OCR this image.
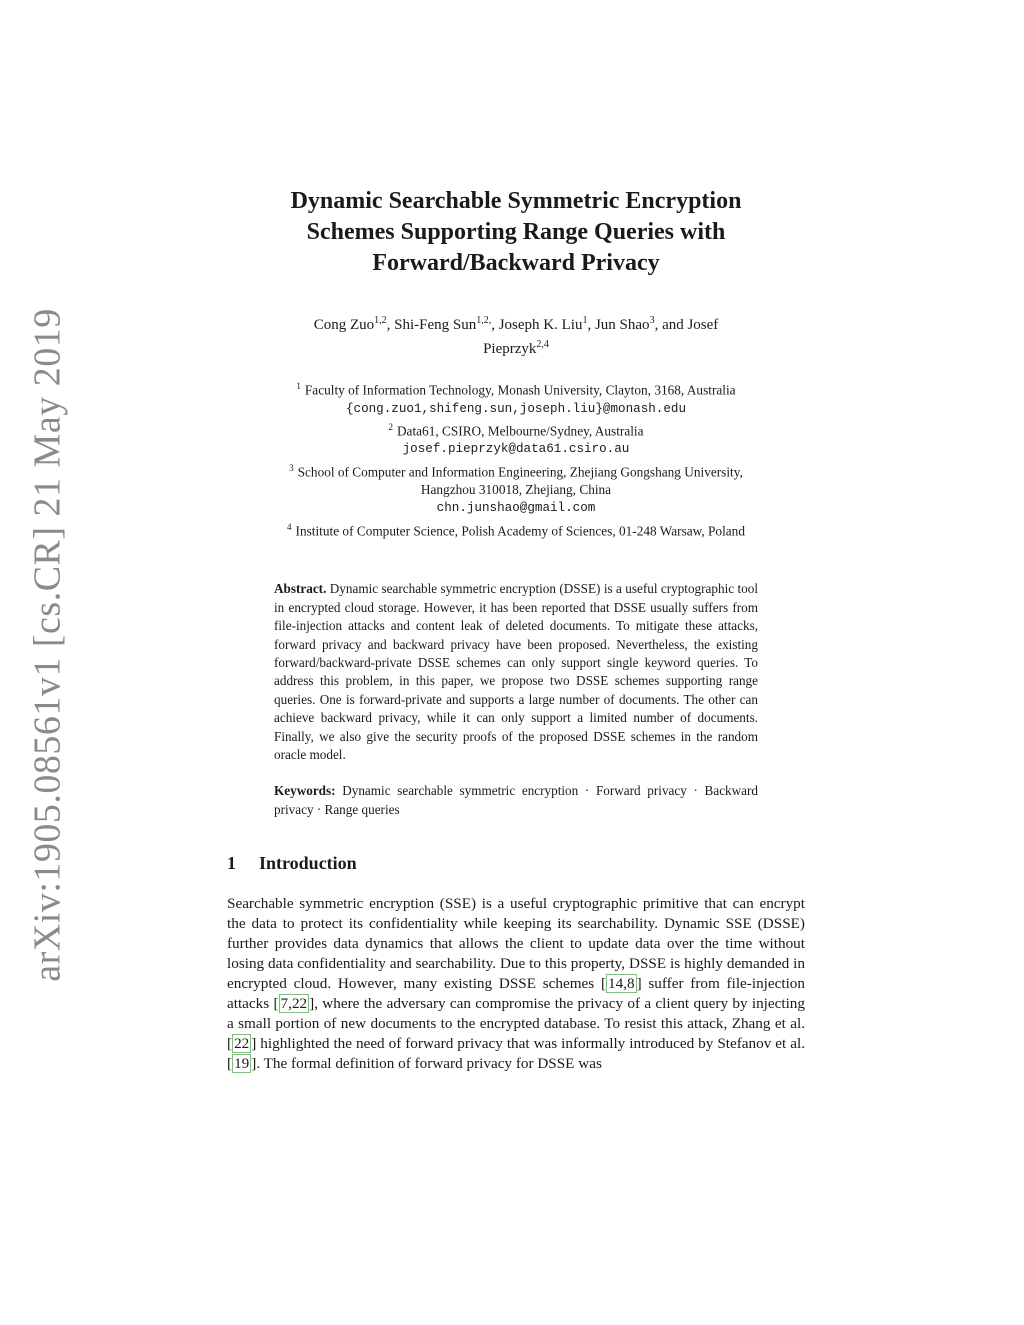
arXiv:1905.08561v1 [cs.CR] 21 May 2019
Dynamic Searchable Symmetric Encryption
Schemes Supporting Range Queries with
Forward/Backward Privacy
Cong Zuo$^{1,2}$, Shi-Feng Sun$^{1,2,}$, Joseph K. Liu$^1$, Jun Shao$^3$, and Josef
Pieprzyk$^{2,4}$
$^1$ Faculty of Information Technology, Monash University, Clayton, 3168, Australia
{cong.zuo1,shifeng.sun,joseph.liu}@monash.edu
$^2$ Data61, CSIRO, Melbourne/Sydney, Australia
josef.pieprzyk@data61.csiro.au
$^3$ School of Computer and Information Engineering, Zhejiang Gongshang University,
Hangzhou 310018, Zhejiang, China
chn.junshao@gmail.com
$^4$ Institute of Computer Science, Polish Academy of Sciences, 01-248 Warsaw, Poland
Abstract. Dynamic searchable symmetric encryption (DSSE) is a useful cryptographic tool in encrypted cloud storage. However, it has been reported that DSSE usually suffers from file-injection attacks and content leak of deleted documents. To mitigate these attacks, forward privacy and backward privacy have been proposed. Nevertheless, the existing forward/backward-private DSSE schemes can only support single keyword queries. To address this problem, in this paper, we propose two DSSE schemes supporting range queries. One is forward-private and supports a large number of documents. The other can achieve backward privacy, while it can only support a limited number of documents. Finally, we also give the security proofs of the proposed DSSE schemes in the random oracle model.
Keywords: Dynamic searchable symmetric encryption · Forward privacy · Backward privacy · Range queries
1 Introduction
Searchable symmetric encryption (SSE) is a useful cryptographic primitive that can encrypt the data to protect its confidentiality while keeping its searchability. Dynamic SSE (DSSE) further provides data dynamics that allows the client to update data over the time without losing data confidentiality and searchability. Due to this property, DSSE is highly demanded in encrypted cloud. However, many existing DSSE schemes [ 14,8 ] suffer from file-injection attacks [ 7,22 ], where the adversary can compromise the privacy of a client query by injecting a small portion of new documents to the encrypted database. To resist this attack, Zhang et al. [ 22 ] highlighted the need of forward privacy that was informally introduced by Stefanov et al. [ 19 ]. The formal definition of forward privacy for DSSE was
